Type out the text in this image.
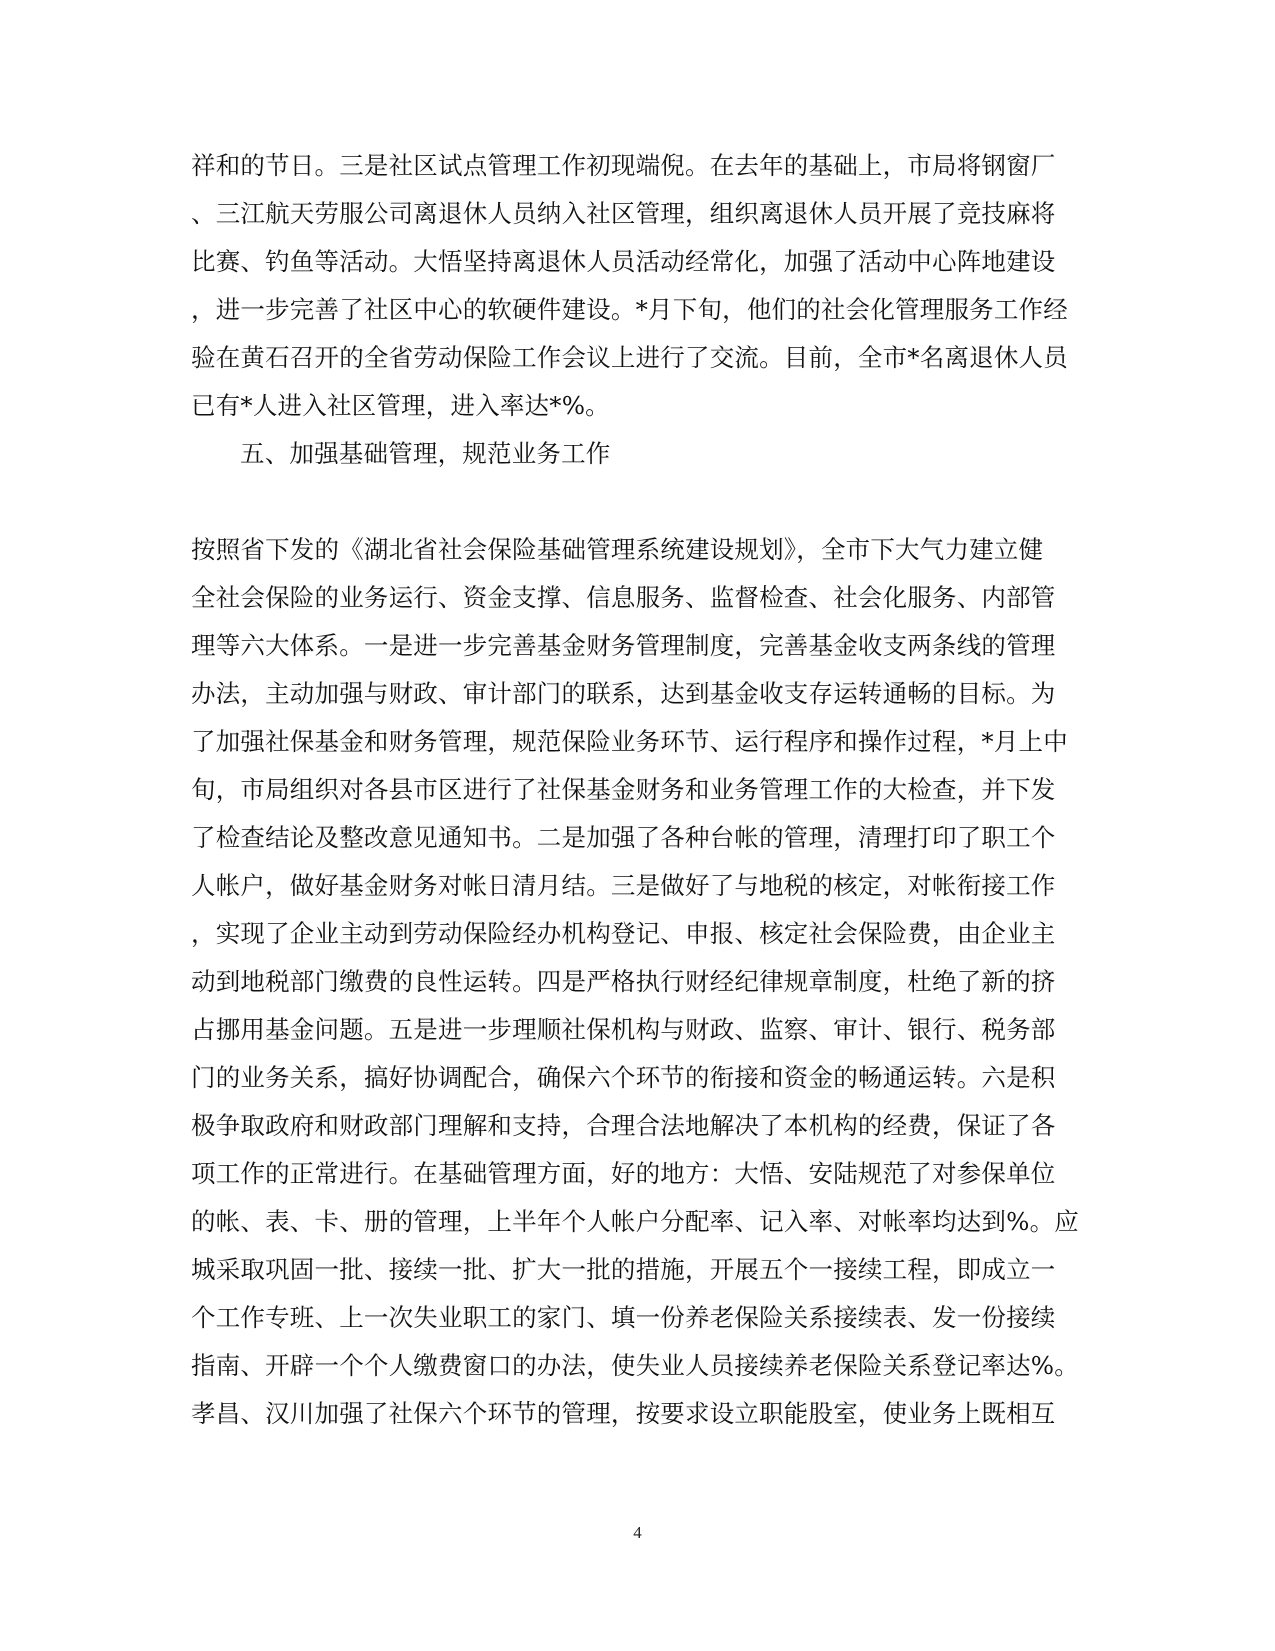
祥和的节日。三是社区试点管理工作初现端倪。在去年的基础上，市局将钢窗厂
、三江航天劳服公司离退休人员纳入社区管理，组织离退休人员开展了竞技麻将
比赛、钓鱼等活动。大悟坚持离退休人员活动经常化，加强了活动中心阵地建设
，进一步完善了社区中心的软硬件建设。*月下旬，他们的社会化管理服务工作经
验在黄石召开的全省劳动保险工作会议上进行了交流。目前，全市*名离退休人员
已有*人进入社区管理，进入率达*%。
五、加强基础管理，规范业务工作
按照省下发的《湖北省社会保险基础管理系统建设规划》，全市下大气力建立健
全社会保险的业务运行、资金支撑、信息服务、监督检查、社会化服务、内部管
理等六大体系。一是进一步完善基金财务管理制度，完善基金收支两条线的管理
办法，主动加强与财政、审计部门的联系，达到基金收支存运转通畅的目标。为
了加强社保基金和财务管理，规范保险业务环节、运行程序和操作过程，*月上中
旬，市局组织对各县市区进行了社保基金财务和业务管理工作的大检查，并下发
了检查结论及整改意见通知书。二是加强了各种台帐的管理，清理打印了职工个
人帐户，做好基金财务对帐日清月结。三是做好了与地税的核定，对帐衔接工作
，实现了企业主动到劳动保险经办机构登记、申报、核定社会保险费，由企业主
动到地税部门缴费的良性运转。四是严格执行财经纪律规章制度，杜绝了新的挤
占挪用基金问题。五是进一步理顺社保机构与财政、监察、审计、银行、税务部
门的业务关系，搞好协调配合，确保六个环节的衔接和资金的畅通运转。六是积
极争取政府和财政部门理解和支持，合理合法地解决了本机构的经费，保证了各
项工作的正常进行。在基础管理方面，好的地方：大悟、安陆规范了对参保单位
的帐、表、卡、册的管理，上半年个人帐户分配率、记入率、对帐率均达到%。应
城采取巩固一批、接续一批、扩大一批的措施，开展五个一接续工程，即成立一
个工作专班、上一次失业职工的家门、填一份养老保险关系接续表、发一份接续
指南、开辟一个个人缴费窗口的办法，使失业人员接续养老保险关系登记率达%。
孝昌、汉川加强了社保六个环节的管理，按要求设立职能股室，使业务上既相互
4
